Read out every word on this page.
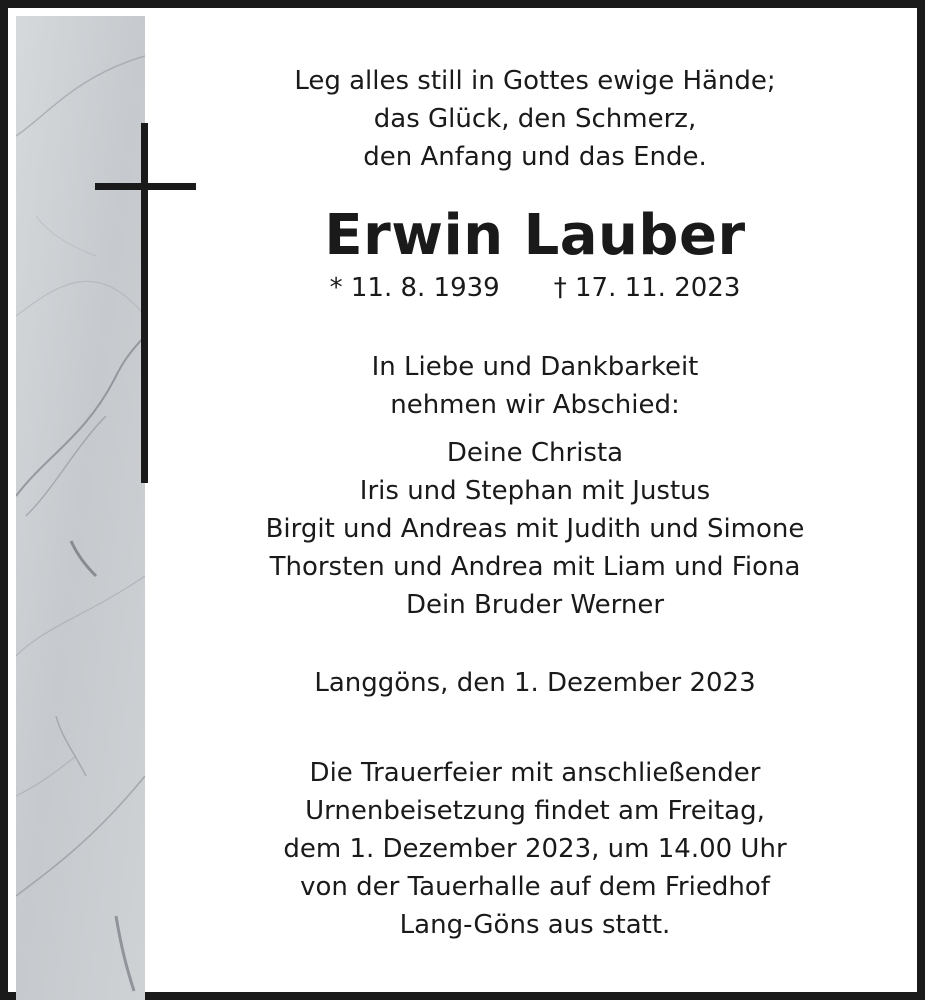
Leg alles still in Gottes ewige Hände;
das Glück, den Schmerz,
den Anfang und das Ende.
Erwin Lauber
* 11. 8. 1939 † 17. 11. 2023
In Liebe und Dankbarkeit
nehmen wir Abschied:
Deine Christa
Iris und Stephan mit Justus
Birgit und Andreas mit Judith und Simone
Thorsten und Andrea mit Liam und Fiona
Dein Bruder Werner
Langgöns, den 1. Dezember 2023
Die Trauerfeier mit anschließender
Urnenbeisetzung findet am Freitag,
dem 1. Dezember 2023, um 14.00 Uhr
von der Tauerhalle auf dem Friedhof
Lang-Göns aus statt.
